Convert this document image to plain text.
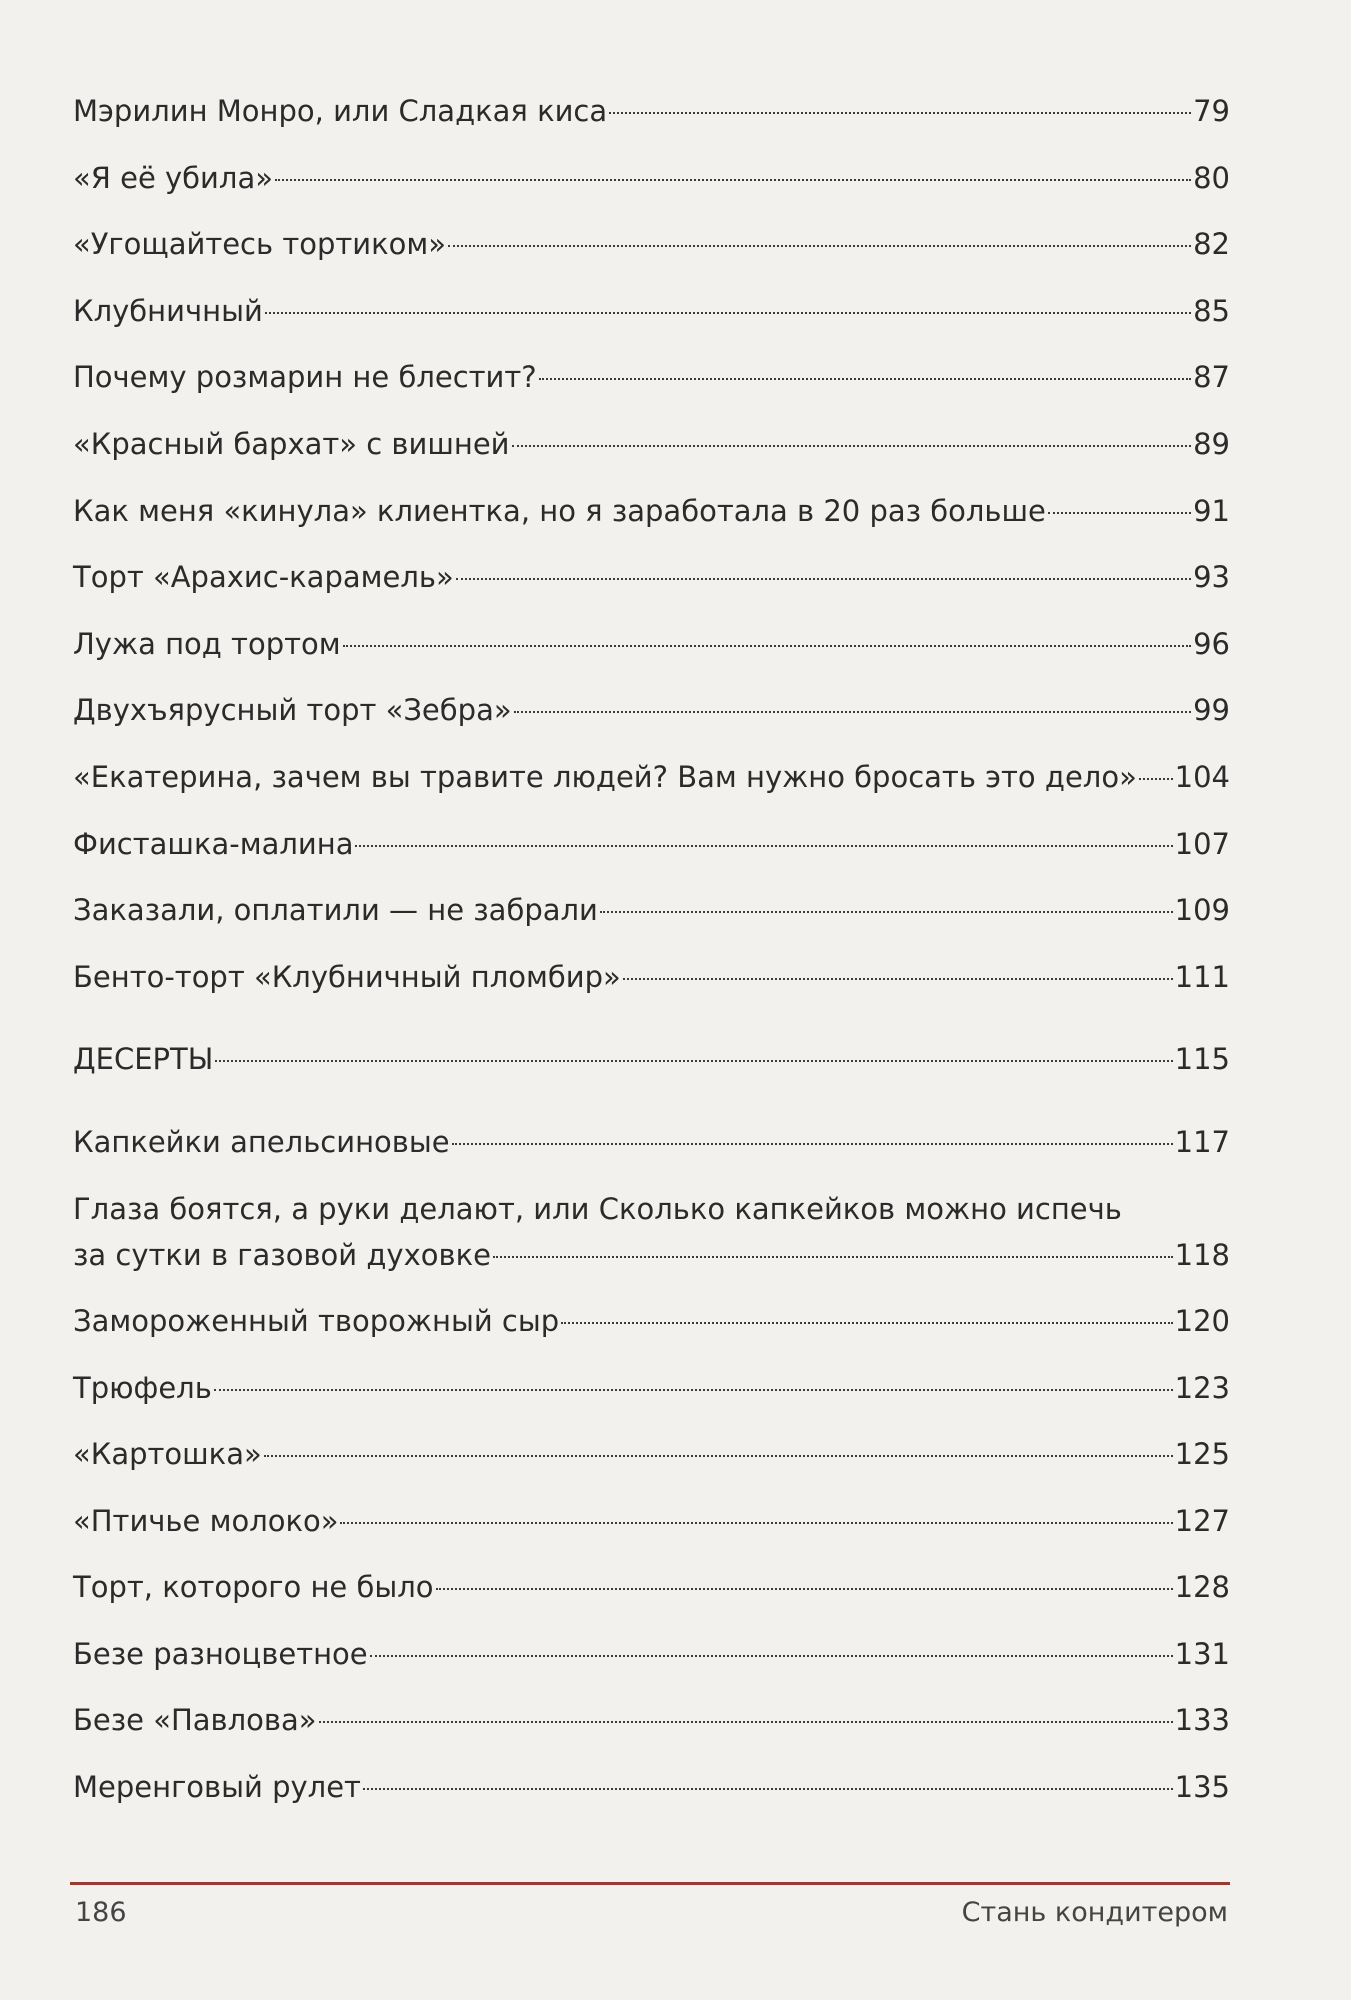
Мэрилин Монро, или Сладкая киса	79
«Я её убила»	80
«Угощайтесь тортиком»	82
Клубничный	85
Почему розмарин не блестит?	87
«Красный бархат» с вишней	89
Как меня «кинула» клиентка, но я заработала в 20 раз больше	91
Торт «Арахис-карамель»	93
Лужа под тортом	96
Двухъярусный торт «Зебра»	99
«Екатерина, зачем вы травите людей? Вам нужно бросать это дело» 104
Фисташка-малина	107
Заказали, оплатили — не забрали	109
Бенто-торт «Клубничный пломбир»	111
ДЕСЕРТЫ	115
Капкейки апельсиновые	117
Глаза боятся, а руки делают, или Сколько капкейков можно испечь
за сутки в газовой духовке	118
Замороженный творожный сыр	120
Трюфель	123
«Картошка»	125
«Птичье молоко»	127
Торт, которого не было	128
Безе разноцветное	131
Безе «Павлова»	133
Меренговый рулет	135
186	Стань кондитером
